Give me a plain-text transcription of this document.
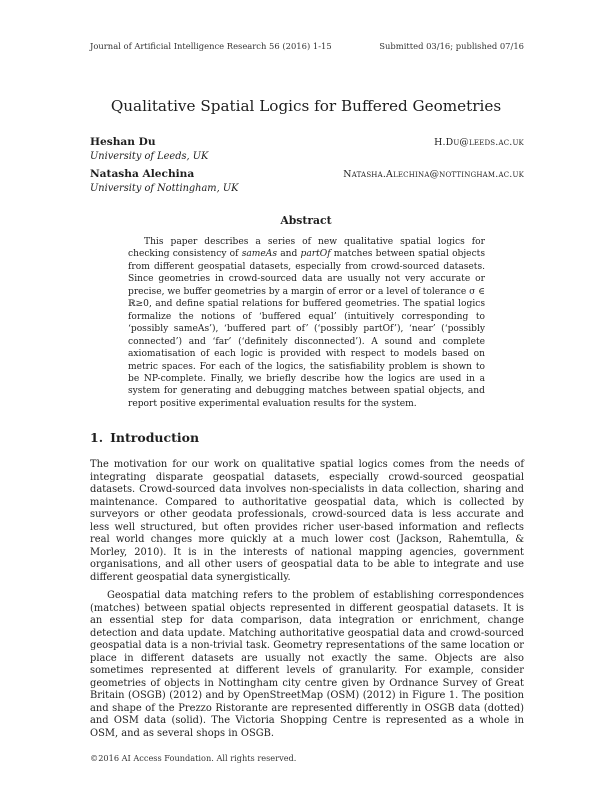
Journal of Artificial Intelligence Research 56 (2016) 1-15	Submitted 03/16; published 07/16
Qualitative Spatial Logics for Buffered Geometries
Heshan Du	H.Du@leeds.ac.uk
University of Leeds, UK
Natasha Alechina	Natasha.Alechina@nottingham.ac.uk
University of Nottingham, UK
Abstract

This paper describes a series of new qualitative spatial logics for checking consistency of sameAs and partOf matches between spatial objects from different geospatial datasets, especially from crowd-sourced datasets. Since geometries in crowd-sourced data are usually not very accurate or precise, we buffer geometries by a margin of error or a level of tolerance σ ∈ ℝ≥0, and define spatial relations for buffered geometries. The spatial logics formalize the notions of ‘buffered equal’ (intuitively corresponding to ‘possibly sameAs’), ‘buffered part of’ (‘possibly partOf’), ‘near’ (‘possibly connected’) and ‘far’ (‘definitely disconnected’). A sound and complete axiomatisation of each logic is provided with respect to models based on metric spaces. For each of the logics, the satisfiability problem is shown to be NP-complete. Finally, we briefly describe how the logics are used in a system for generating and debugging matches between spatial objects, and report positive experimental evaluation results for the system.

1. Introduction

The motivation for our work on qualitative spatial logics comes from the needs of integrating disparate geospatial datasets, especially crowd-sourced geospatial datasets. Crowd-sourced data involves non-specialists in data collection, sharing and maintenance. Compared to authoritative geospatial data, which is collected by surveyors or other geodata professionals, crowd-sourced data is less accurate and less well structured, but often provides richer user-based information and reflects real world changes more quickly at a much lower cost (Jackson, Rahemtulla, & Morley, 2010). It is in the interests of national mapping agencies, government organisations, and all other users of geospatial data to be able to integrate and use different geospatial data synergistically.

Geospatial data matching refers to the problem of establishing correspondences (matches) between spatial objects represented in different geospatial datasets. It is an essential step for data comparison, data integration or enrichment, change detection and data update. Matching authoritative geospatial data and crowd-sourced geospatial data is a non-trivial task. Geometry representations of the same location or place in different datasets are usually not exactly the same. Objects are also sometimes represented at different levels of granularity. For example, consider geometries of objects in Nottingham city centre given by Ordnance Survey of Great Britain (OSGB) (2012) and by OpenStreetMap (OSM) (2012) in Figure 1. The position and shape of the Prezzo Ristorante are represented differently in OSGB data (dotted) and OSM data (solid). The Victoria Shopping Centre is represented as a whole in OSM, and as several shops in OSGB.

©2016 AI Access Foundation. All rights reserved.
